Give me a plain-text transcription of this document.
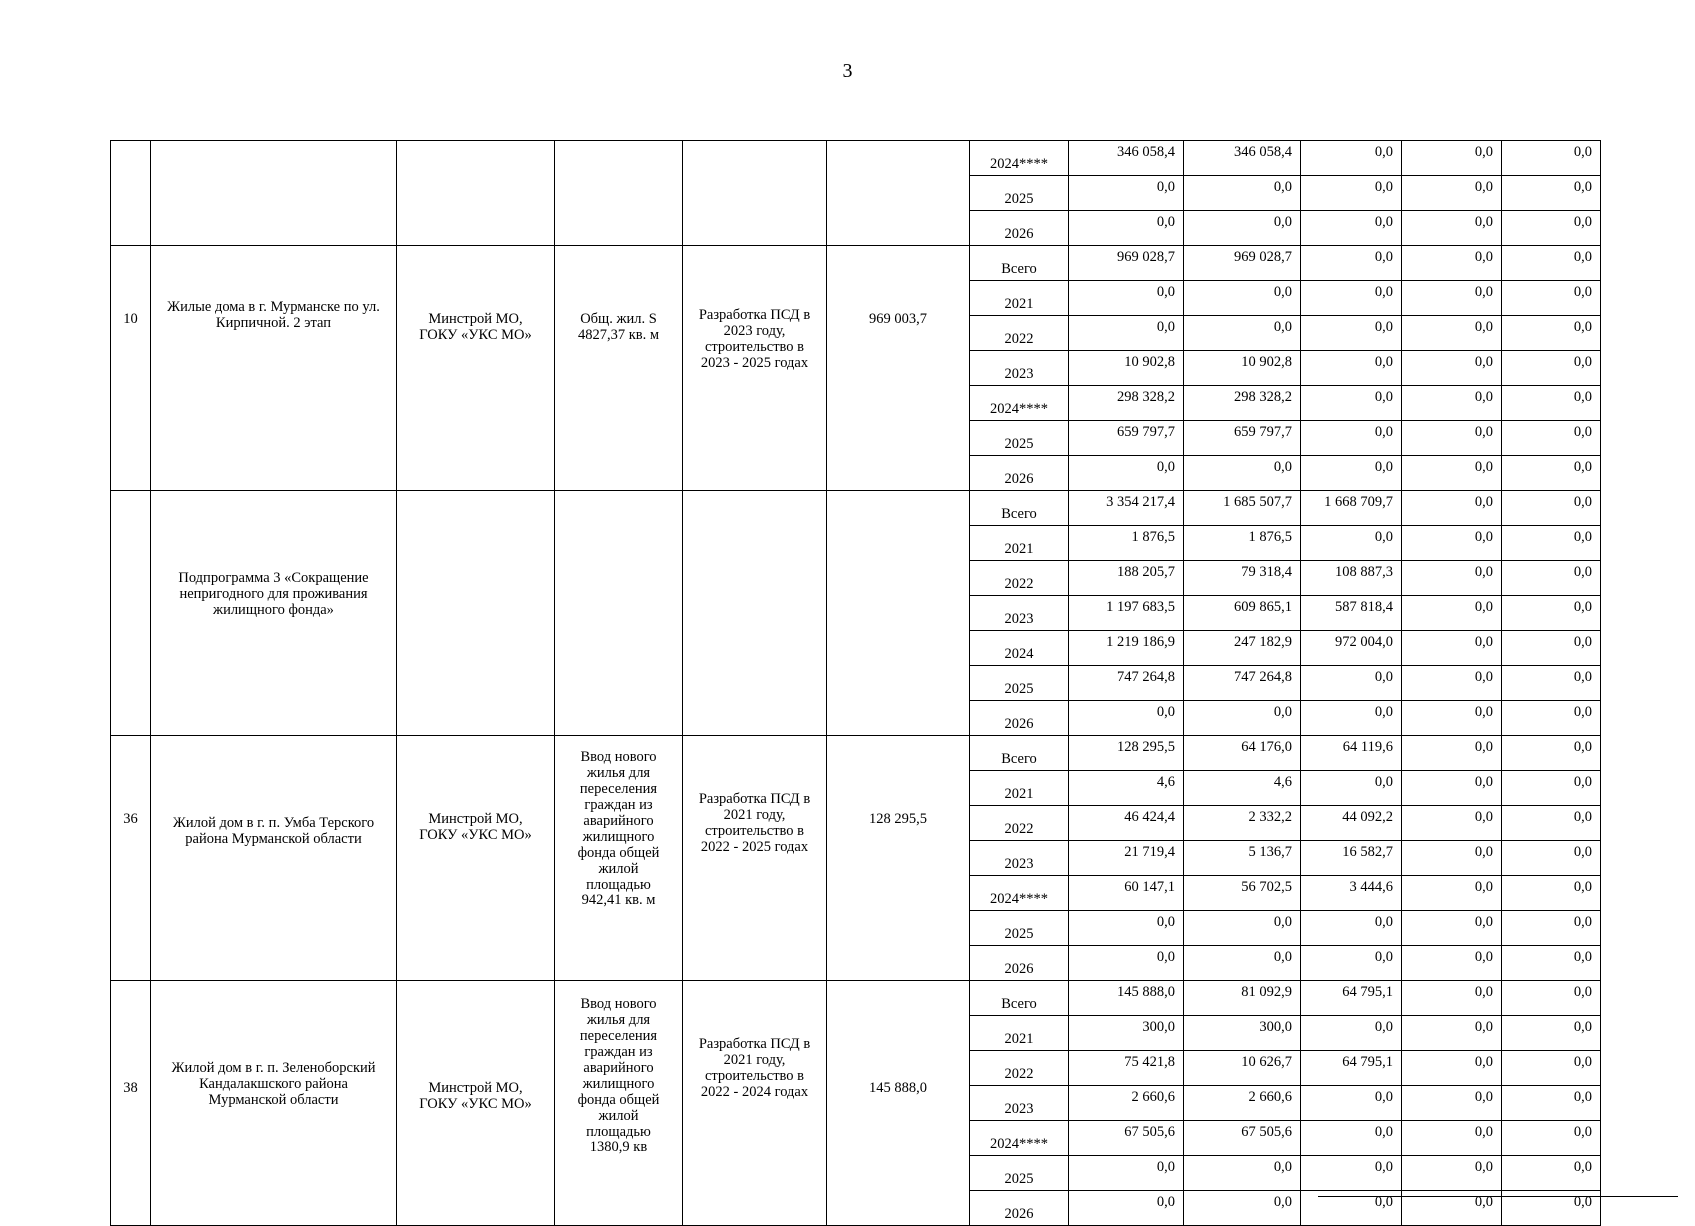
3
						2024****	346 058,4	346 058,4	0,0	0,0	0,0
						2025	0,0	0,0	0,0	0,0	0,0
						2026	0,0	0,0	0,0	0,0	0,0
10	Жилые дома в г. Мурманске по ул. Кирпичной. 2 этап	Минстрой МО, ГОКУ «УКС МО»	Общ. жил. S 4827,37 кв. м	Разработка ПСД в 2023 году, строительство в 2023 - 2025 годах	969 003,7	Всего	969 028,7	969 028,7	0,0	0,0	0,0
						2021	0,0	0,0	0,0	0,0	0,0
						2022	0,0	0,0	0,0	0,0	0,0
						2023	10 902,8	10 902,8	0,0	0,0	0,0
						2024****	298 328,2	298 328,2	0,0	0,0	0,0
						2025	659 797,7	659 797,7	0,0	0,0	0,0
						2026	0,0	0,0	0,0	0,0	0,0
	Подпрограмма 3 «Сокращение непригодного для проживания жилищного фонда»					Всего	3 354 217,4	1 685 507,7	1 668 709,7	0,0	0,0
						2021	1 876,5	1 876,5	0,0	0,0	0,0
						2022	188 205,7	79 318,4	108 887,3	0,0	0,0
						2023	1 197 683,5	609 865,1	587 818,4	0,0	0,0
						2024	1 219 186,9	247 182,9	972 004,0	0,0	0,0
						2025	747 264,8	747 264,8	0,0	0,0	0,0
						2026	0,0	0,0	0,0	0,0	0,0
36	Жилой дом в г. п. Умба Терского района Мурманской области	Минстрой МО, ГОКУ «УКС МО»	Ввод нового жилья для переселения граждан из аварийного жилищного фонда общей жилой площадью 942,41 кв. м	Разработка ПСД в 2021 году, строительство в 2022 - 2025 годах	128 295,5	Всего	128 295,5	64 176,0	64 119,6	0,0	0,0
						2021	4,6	4,6	0,0	0,0	0,0
						2022	46 424,4	2 332,2	44 092,2	0,0	0,0
						2023	21 719,4	5 136,7	16 582,7	0,0	0,0
						2024****	60 147,1	56 702,5	3 444,6	0,0	0,0
						2025	0,0	0,0	0,0	0,0	0,0
						2026	0,0	0,0	0,0	0,0	0,0
38	Жилой дом в г. п. Зеленоборский Кандалакшского района Мурманской области	Минстрой МО, ГОКУ «УКС МО»	Ввод нового жилья для переселения граждан из аварийного жилищного фонда общей жилой площадью 1380,9 кв	Разработка ПСД в 2021 году, строительство в 2022 - 2024 годах	145 888,0	Всего	145 888,0	81 092,9	64 795,1	0,0	0,0
						2021	300,0	300,0	0,0	0,0	0,0
						2022	75 421,8	10 626,7	64 795,1	0,0	0,0
						2023	2 660,6	2 660,6	0,0	0,0	0,0
						2024****	67 505,6	67 505,6	0,0	0,0	0,0
						2025	0,0	0,0	0,0	0,0	0,0
						2026	0,0	0,0	0,0	0,0	0,0
